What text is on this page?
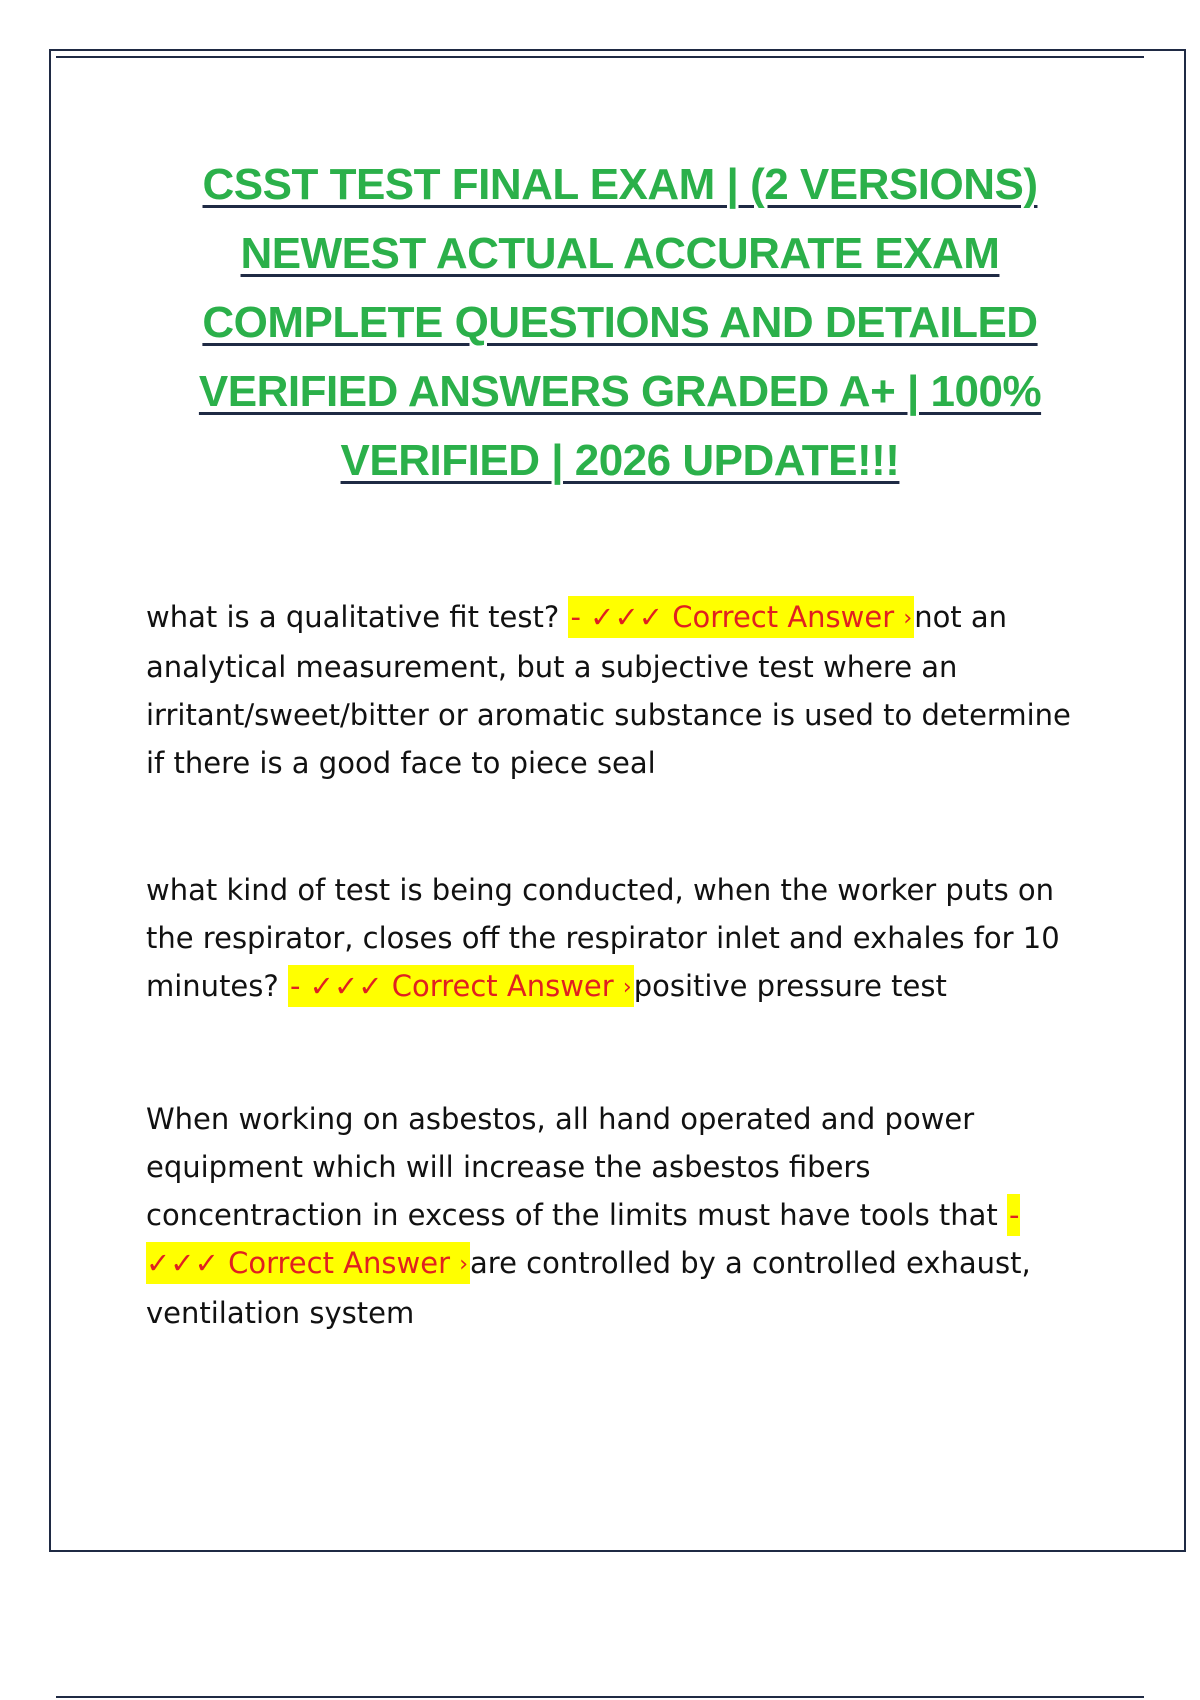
CSST TEST FINAL EXAM | (2 VERSIONS)
NEWEST ACTUAL ACCURATE EXAM
COMPLETE QUESTIONS AND DETAILED
VERIFIED ANSWERS GRADED A+ | 100%
VERIFIED | 2026 UPDATE!!!
what is a qualitative fit test? - ✓✓✓ Correct Answer ›not an analytical measurement, but a subjective test where an irritant/sweet/bitter or aromatic substance is used to determine if there is a good face to piece seal
what kind of test is being conducted, when the worker puts on the respirator, closes off the respirator inlet and exhales for 10 minutes? - ✓✓✓ Correct Answer ›positive pressure test
When working on asbestos, all hand operated and power equipment which will increase the asbestos fibers concentraction in excess of the limits must have tools that - ✓✓✓ Correct Answer ›are controlled by a controlled exhaust, ventilation system
